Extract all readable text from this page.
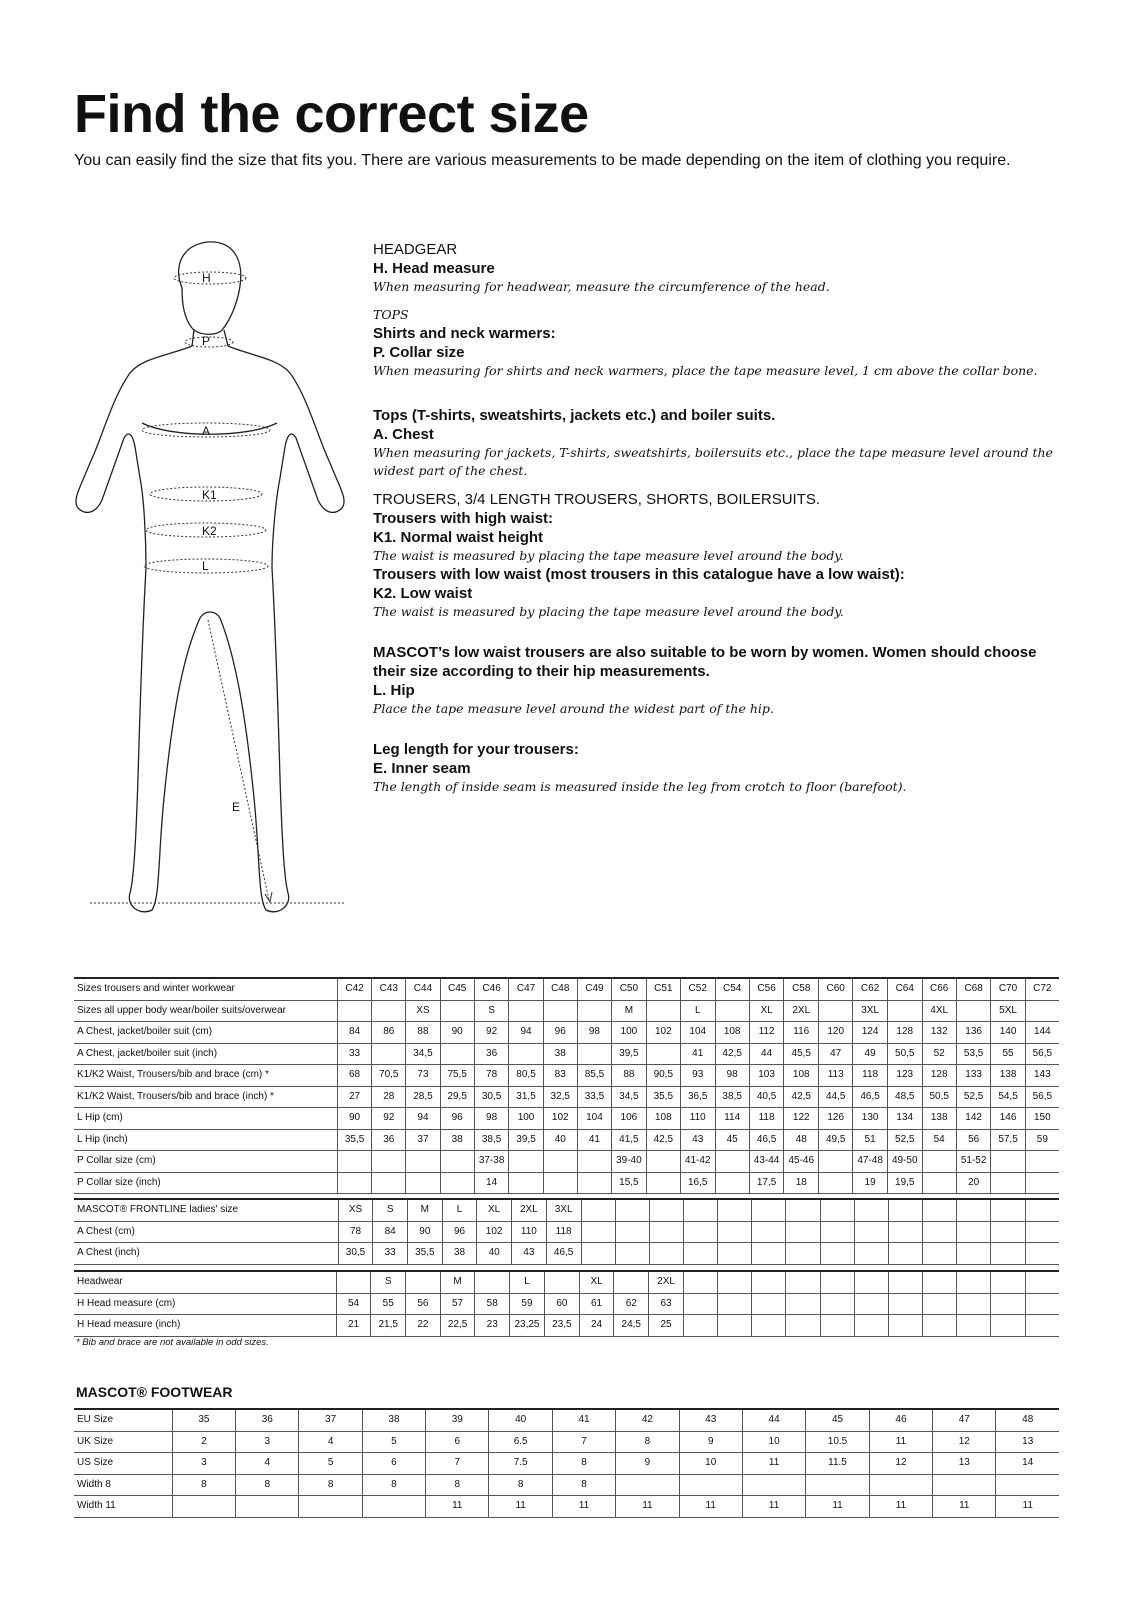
Find the correct size

You can easily find the size that fits you. There are various measurements to be made depending on the item of clothing you require.

H
P
A
K1
K2
L
E
HEADGEAR
H. Head measure
When measuring for headwear, measure the circumference of the head.
TOPS
Shirts and neck warmers:
P. Collar size
When measuring for shirts and neck warmers, place the tape measure level, 1 cm above the collar bone.
Tops (T-shirts, sweatshirts, jackets etc.) and boiler suits.
A. Chest
When measuring for jackets, T-shirts, sweatshirts, boilersuits etc., place the tape measure level around the widest part of the chest.
TROUSERS, 3/4 LENGTH TROUSERS, SHORTS, BOILERSUITS.
Trousers with high waist:
K1. Normal waist height
The waist is measured by placing the tape measure level around the body.
Trousers with low waist (most trousers in this catalogue have a low waist):
K2. Low waist
The waist is measured by placing the tape measure level around the body.
MASCOT’s low waist trousers are also suitable to be worn by women. Women should choose their size according to their hip measurements.
L. Hip
Place the tape measure level around the widest part of the hip.
Leg length for your trousers:
E. Inner seam
The length of inside seam is measured inside the leg from crotch to floor (barefoot).
Sizes trousers and winter workwear	C42	C43	C44	C45	C46	C47	C48	C49	C50	C51	C52	C54	C56	C58	C60	C62	C64	C66	C68	C70	C72
Sizes all upper body wear/boiler suits/overwear			XS		S				M		L		XL	2XL		3XL		4XL		5XL	
A Chest, jacket/boiler suit (cm)	84	86	88	90	92	94	96	98	100	102	104	108	112	116	120	124	128	132	136	140	144
A Chest, jacket/boiler suit (inch)	33		34,5		36		38		39,5		41	42,5	44	45,5	47	49	50,5	52	53,5	55	56,5
K1/K2 Waist, Trousers/bib and brace (cm) *	68	70,5	73	75,5	78	80,5	83	85,5	88	90,5	93	98	103	108	113	118	123	128	133	138	143
K1/K2 Waist, Trousers/bib and brace (inch) *	27	28	28,5	29,5	30,5	31,5	32,5	33,5	34,5	35,5	36,5	38,5	40,5	42,5	44,5	46,5	48,5	50,5	52,5	54,5	56,5
L Hip (cm)	90	92	94	96	98	100	102	104	106	108	110	114	118	122	126	130	134	138	142	146	150
L Hip (inch)	35,5	36	37	38	38,5	39,5	40	41	41,5	42,5	43	45	46,5	48	49,5	51	52,5	54	56	57,5	59
P Collar size (cm)					37-38				39-40		41-42		43-44	45-46		47-48	49-50		51-52		
P Collar size (inch)					14				15,5		16,5		17,5	18		19	19,5		20		
MASCOT® FRONTLINE ladies' size	XS	S	M	L	XL	2XL	3XL														
A Chest (cm)	78	84	90	96	102	110	118														
A Chest (inch)	30,5	33	35,5	38	40	43	46,5														
Headwear		S		M		L		XL		2XL											
H Head measure (cm)	54	55	56	57	58	59	60	61	62	63											
H Head measure (inch)	21	21,5	22	22,5	23	23,25	23,5	24	24,5	25											
* Bib and brace are not available in odd sizes.
MASCOT® FOOTWEAR
EU Size	35	36	37	38	39	40	41	42	43	44	45	46	47	48
UK Size	2	3	4	5	6	6.5	7	8	9	10	10.5	11	12	13
US Size	3	4	5	6	7	7.5	8	9	10	11	11.5	12	13	14
Width 8	8	8	8	8	8	8	8							
Width 11					11	11	11	11	11	11	11	11	11	11
